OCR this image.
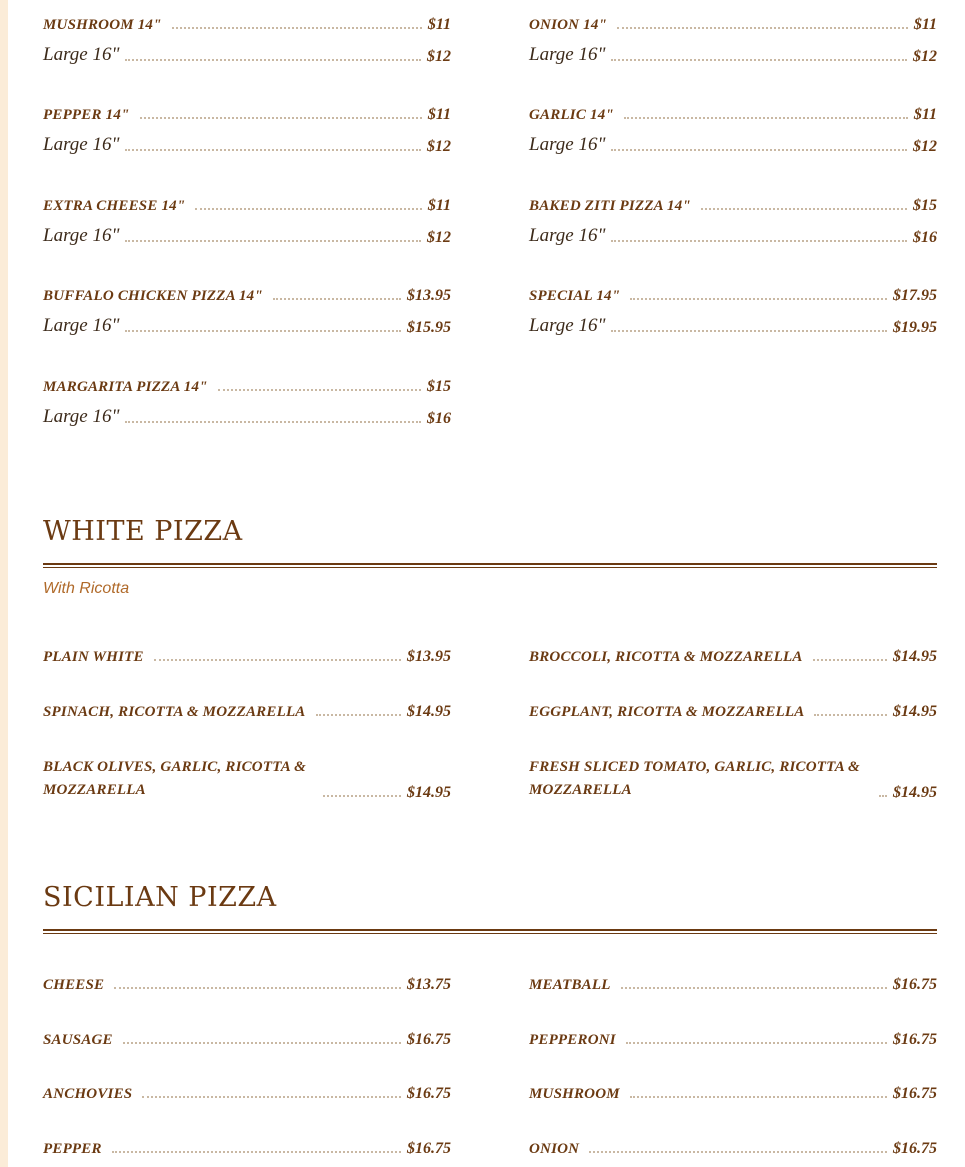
MUSHROOM 14"	$11
Large 16"	$12
PEPPER 14"	$11
Large 16"	$12
EXTRA CHEESE 14"	$11
Large 16"	$12
BUFFALO CHICKEN PIZZA 14"	$13.95
Large 16"	$15.95
MARGARITA PIZZA 14"	$15
Large 16"	$16
ONION 14"	$11
Large 16"	$12
GARLIC 14"	$11
Large 16"	$12
BAKED ZITI PIZZA 14"	$15
Large 16"	$16
SPECIAL 14"	$17.95
Large 16"	$19.95
WHITE PIZZA
With Ricotta
PLAIN WHITE	$13.95
SPINACH, RICOTTA & MOZZARELLA	$14.95
BLACK OLIVES, GARLIC, RICOTTA & MOZZARELLA	$14.95
BROCCOLI, RICOTTA & MOZZARELLA	$14.95
EGGPLANT, RICOTTA & MOZZARELLA	$14.95
FRESH SLICED TOMATO, GARLIC, RICOTTA & MOZZARELLA	$14.95
SICILIAN PIZZA
CHEESE	$13.75
SAUSAGE	$16.75
ANCHOVIES	$16.75
PEPPER	$16.75
MEATBALL	$16.75
PEPPERONI	$16.75
MUSHROOM	$16.75
ONION	$16.75
